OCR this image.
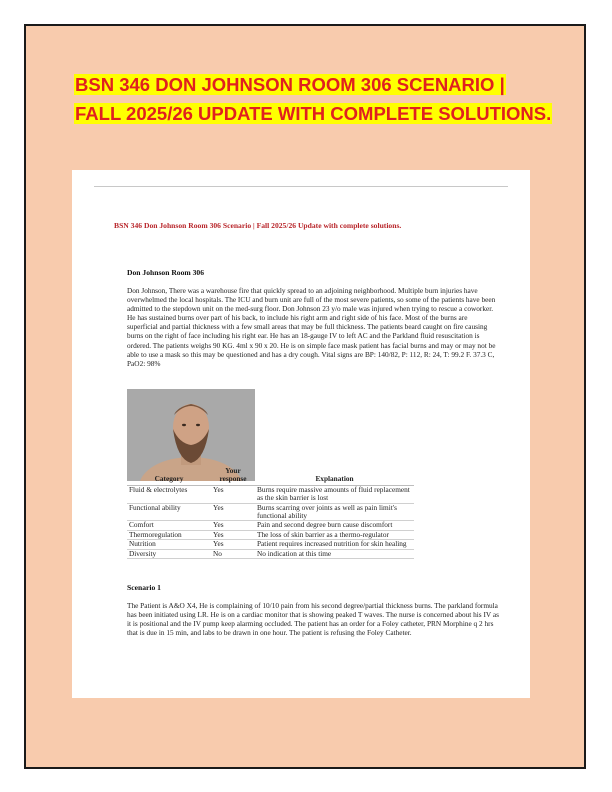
BSN 346 DON JOHNSON ROOM 306 SCENARIO | FALL 2025/26 UPDATE WITH COMPLETE SOLUTIONS.
BSN 346 Don Johnson Room 306 Scenario | Fall 2025/26 Update with complete solutions.
Don Johnson Room 306

Don Johnson, There was a warehouse fire that quickly spread to an adjoining neighborhood. Multiple burn injuries have overwhelmed the local hospitals. The ICU and burn unit are full of the most severe patients, so some of the patients have been admitted to the stepdown unit on the med-surg floor. Don Johnson 23 y/o male was injured when trying to rescue a coworker. He has sustained burns over part of his back, to include his right arm and right side of his face. Most of the burns are superficial and partial thickness with a few small areas that may be full thickness. The patients beard caught on fire causing burns on the right of face including his right ear. He has an 18-gauge IV to left AC and the Parkland fluid resuscitation is ordered. The patients weighs 90 KG. 4ml x 90 x 20. He is on simple face mask patient has facial burns and may or may not be able to use a mask so this may be questioned and has a dry cough. Vital signs are BP: 140/82, P: 112, R: 24, T: 99.2 F. 37.3 C, PaO2: 98%

Category	Your response	Explanation
Fluid & electrolytes	Yes	Burns require massive amounts of fluid replacement as the skin barrier is lost
Functional ability	Yes	Burns scarring over joints as well as pain limit's functional ability
Comfort	Yes	Pain and second degree burn cause discomfort
Thermoregulation	Yes	The loss of skin barrier as a thermo-regulator
Nutrition	Yes	Patient requires increased nutrition for skin healing
Diversity	No	No indication at this time
Scenario 1

The Patient is A&O X4, He is complaining of 10/10 pain from his second degree/partial thickness burns. The parkland formula has been initiated using LR. He is on a cardiac monitor that is showing peaked T waves. The nurse is concerned about his IV as it is positional and the IV pump keep alarming occluded. The patient has an order for a Foley catheter, PRN Morphine q 2 hrs that is due in 15 min, and labs to be drawn in one hour. The patient is refusing the Foley Catheter.
